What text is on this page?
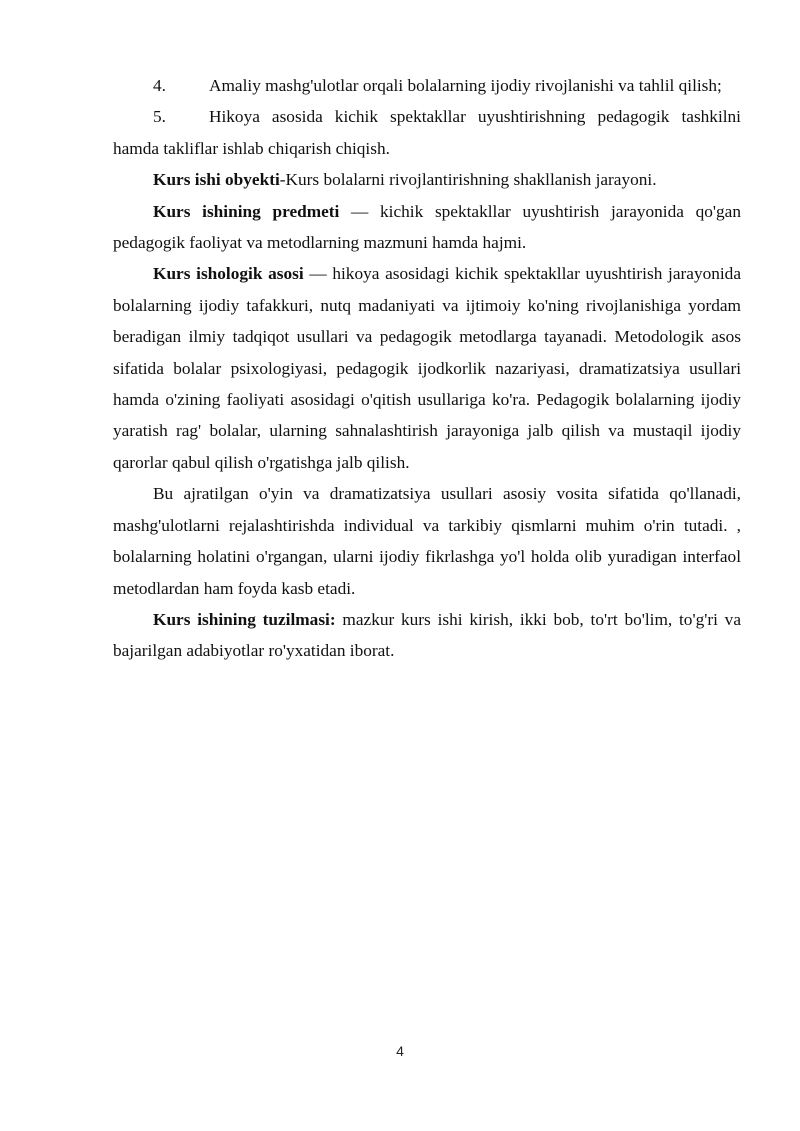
4. Amaliy mashg'ulotlar orqali bolalarning ijodiy rivojlanishi va tahlil qilish;

5. Hikoya asosida kichik spektakllar uyushtirishning pedagogik tashkilni hamda takliflar ishlab chiqarish chiqish.

Kurs ishi obyekti-Kurs bolalarni rivojlantirishning shakllanish jarayoni.

Kurs ishining predmeti — kichik spektakllar uyushtirish jarayonida qo'gan pedagogik faoliyat va metodlarning mazmuni hamda hajmi.

Kurs ishologik asosi — hikoya asosidagi kichik spektakllar uyushtirish jarayonida bolalarning ijodiy tafakkuri, nutq madaniyati va ijtimoiy ko'ning rivojlanishiga yordam beradigan ilmiy tadqiqot usullari va pedagogik metodlarga tayanadi. Metodologik asos sifatida bolalar psixologiyasi, pedagogik ijodkorlik nazariyasi, dramatizatsiya usullari hamda o'zining faoliyati asosidagi o'qitish usullariga ko'ra. Pedagogik bolalarning ijodiy yaratish rag' bolalar, ularning sahnalashtirish jarayoniga jalb qilish va mustaqil ijodiy qarorlar qabul qilish o'rgatishga jalb qilish.

Bu ajratilgan o'yin va dramatizatsiya usullari asosiy vosita sifatida qo'llanadi, mashg'ulotlarni rejalashtirishda individual va tarkibiy qismlarni muhim o'rin tutadi. , bolalarning holatini o'rgangan, ularni ijodiy fikrlashga yo'l holda olib yuradigan interfaol metodlardan ham foyda kasb etadi.

Kurs ishining tuzilmasi: mazkur kurs ishi kirish, ikki bob, to'rt bo'lim, to'g'ri va bajarilgan adabiyotlar ro'yxatidan iborat.

4
